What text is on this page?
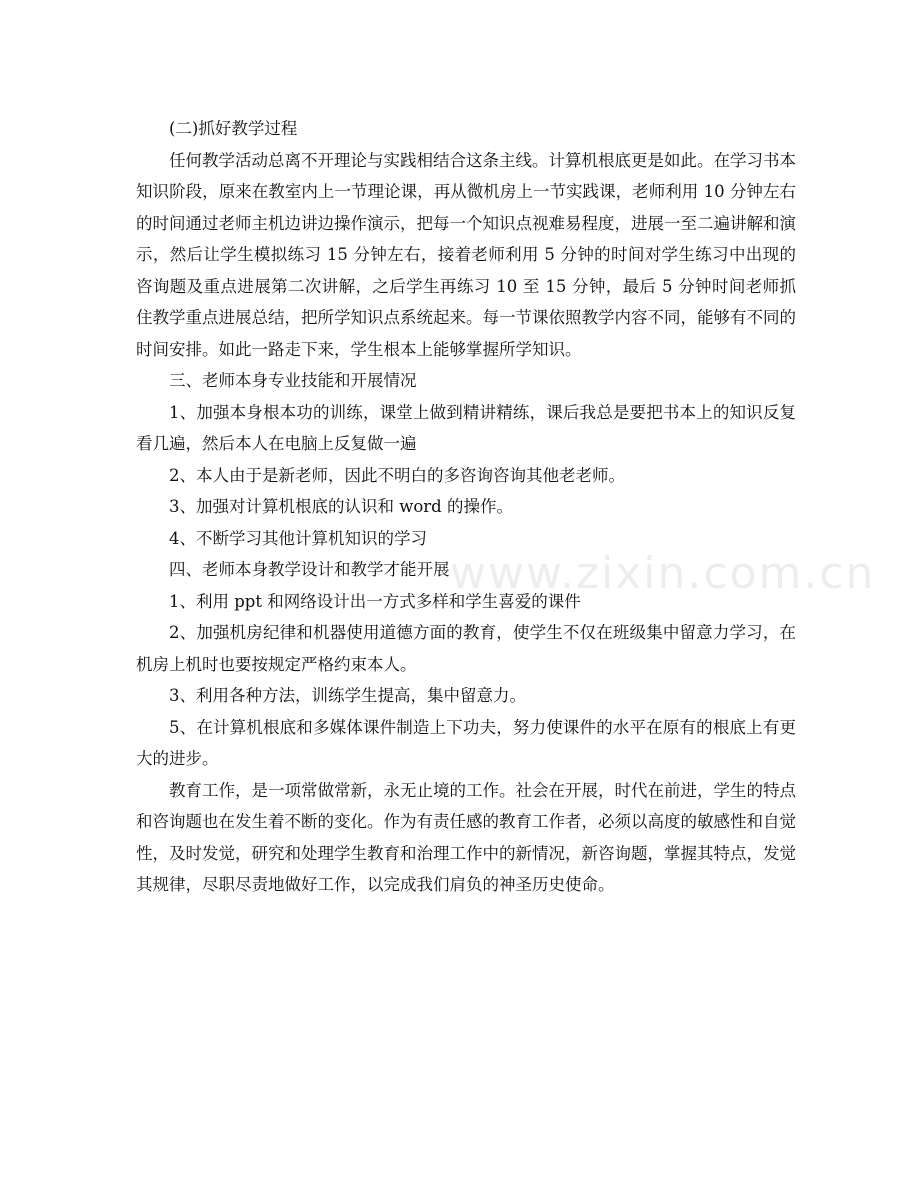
(二)抓好教学过程

任何教学活动总离不开理论与实践相结合这条主线。计算机根底更是如此。在学习书本知识阶段，原来在教室内上一节理论课，再从微机房上一节实践课，老师利用 10 分钟左右的时间通过老师主机边讲边操作演示，把每一个知识点视难易程度，进展一至二遍讲解和演示，然后让学生模拟练习 15 分钟左右，接着老师利用 5 分钟的时间对学生练习中出现的咨询题及重点进展第二次讲解，之后学生再练习 10 至 15 分钟，最后 5 分钟时间老师抓住教学重点进展总结，把所学知识点系统起来。每一节课依照教学内容不同，能够有不同的时间安排。如此一路走下来，学生根本上能够掌握所学知识。

三、老师本身专业技能和开展情况

1、加强本身根本功的训练，课堂上做到精讲精练，课后我总是要把书本上的知识反复看几遍，然后本人在电脑上反复做一遍

2、本人由于是新老师，因此不明白的多咨询咨询其他老老师。

3、加强对计算机根底的认识和 word 的操作。

4、不断学习其他计算机知识的学习

四、老师本身教学设计和教学才能开展

1、利用 ppt 和网络设计出一方式多样和学生喜爱的课件

2、加强机房纪律和机器使用道德方面的教育，使学生不仅在班级集中留意力学习，在机房上机时也要按规定严格约束本人。

3、利用各种方法，训练学生提高，集中留意力。

5、在计算机根底和多媒体课件制造上下功夫，努力使课件的水平在原有的根底上有更大的进步。

教育工作，是一项常做常新，永无止境的工作。社会在开展，时代在前进，学生的特点和咨询题也在发生着不断的变化。作为有责任感的教育工作者，必须以高度的敏感性和自觉性，及时发觉，研究和处理学生教育和治理工作中的新情况，新咨询题，掌握其特点，发觉其规律，尽职尽责地做好工作，以完成我们肩负的神圣历史使命。

www.zixin.com.cn
